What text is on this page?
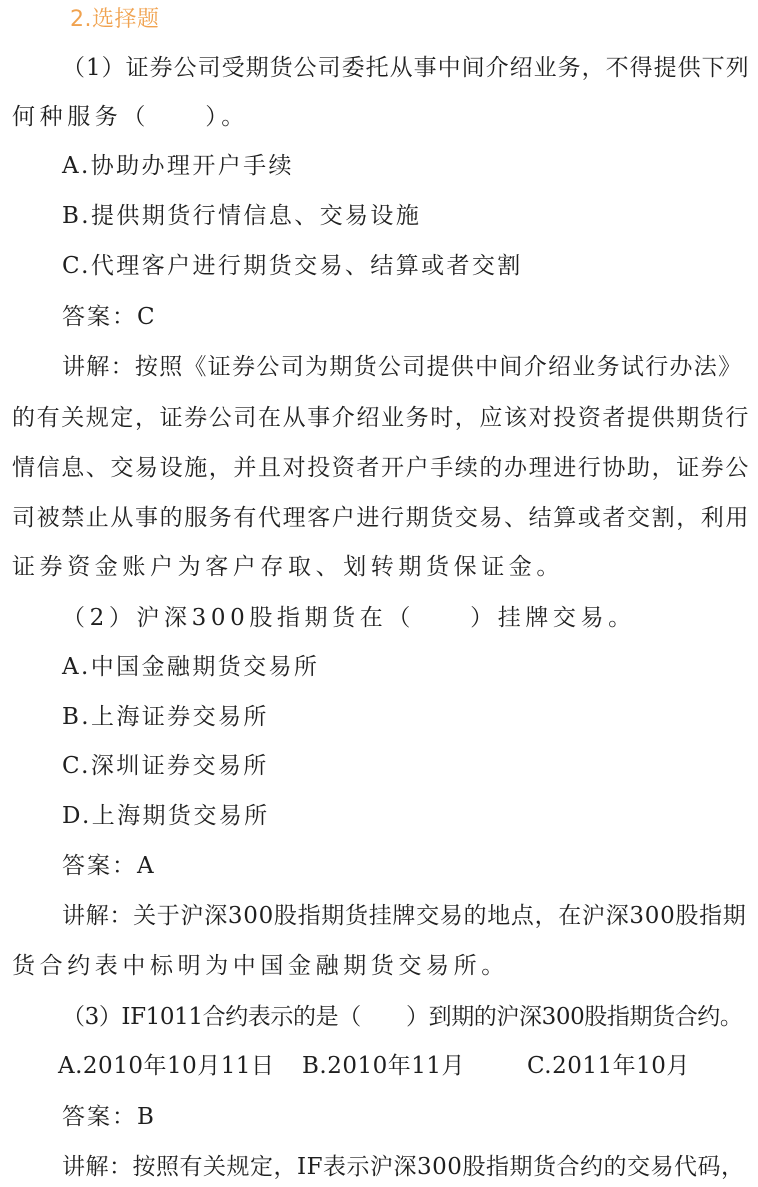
2.选择题
（1）证券公司受期货公司委托从事中间介绍业务，不得提供下列
何种服务（　　）。
A.协助办理开户手续
B.提供期货行情信息、交易设施
C.代理客户进行期货交易、结算或者交割
答案：C
讲解：按照《证券公司为期货公司提供中间介绍业务试行办法》
的有关规定，证券公司在从事介绍业务时，应该对投资者提供期货行
情信息、交易设施，并且对投资者开户手续的办理进行协助，证券公
司被禁止从事的服务有代理客户进行期货交易、结算或者交割，利用
证券资金账户为客户存取、划转期货保证金。
（2）沪深300股指期货在（　　）挂牌交易。
A.中国金融期货交易所
B.上海证券交易所
C.深圳证券交易所
D.上海期货交易所
答案：A
讲解：关于沪深300股指期货挂牌交易的地点，在沪深300股指期
货合约表中标明为中国金融期货交易所。
（3）IF1011合约表示的是（　　）到期的沪深300股指期货合约。
A.2010年10月11日 B.2010年11月	C.2011年10月
答案：B
讲解：按照有关规定，IF表示沪深300股指期货合约的交易代码，
